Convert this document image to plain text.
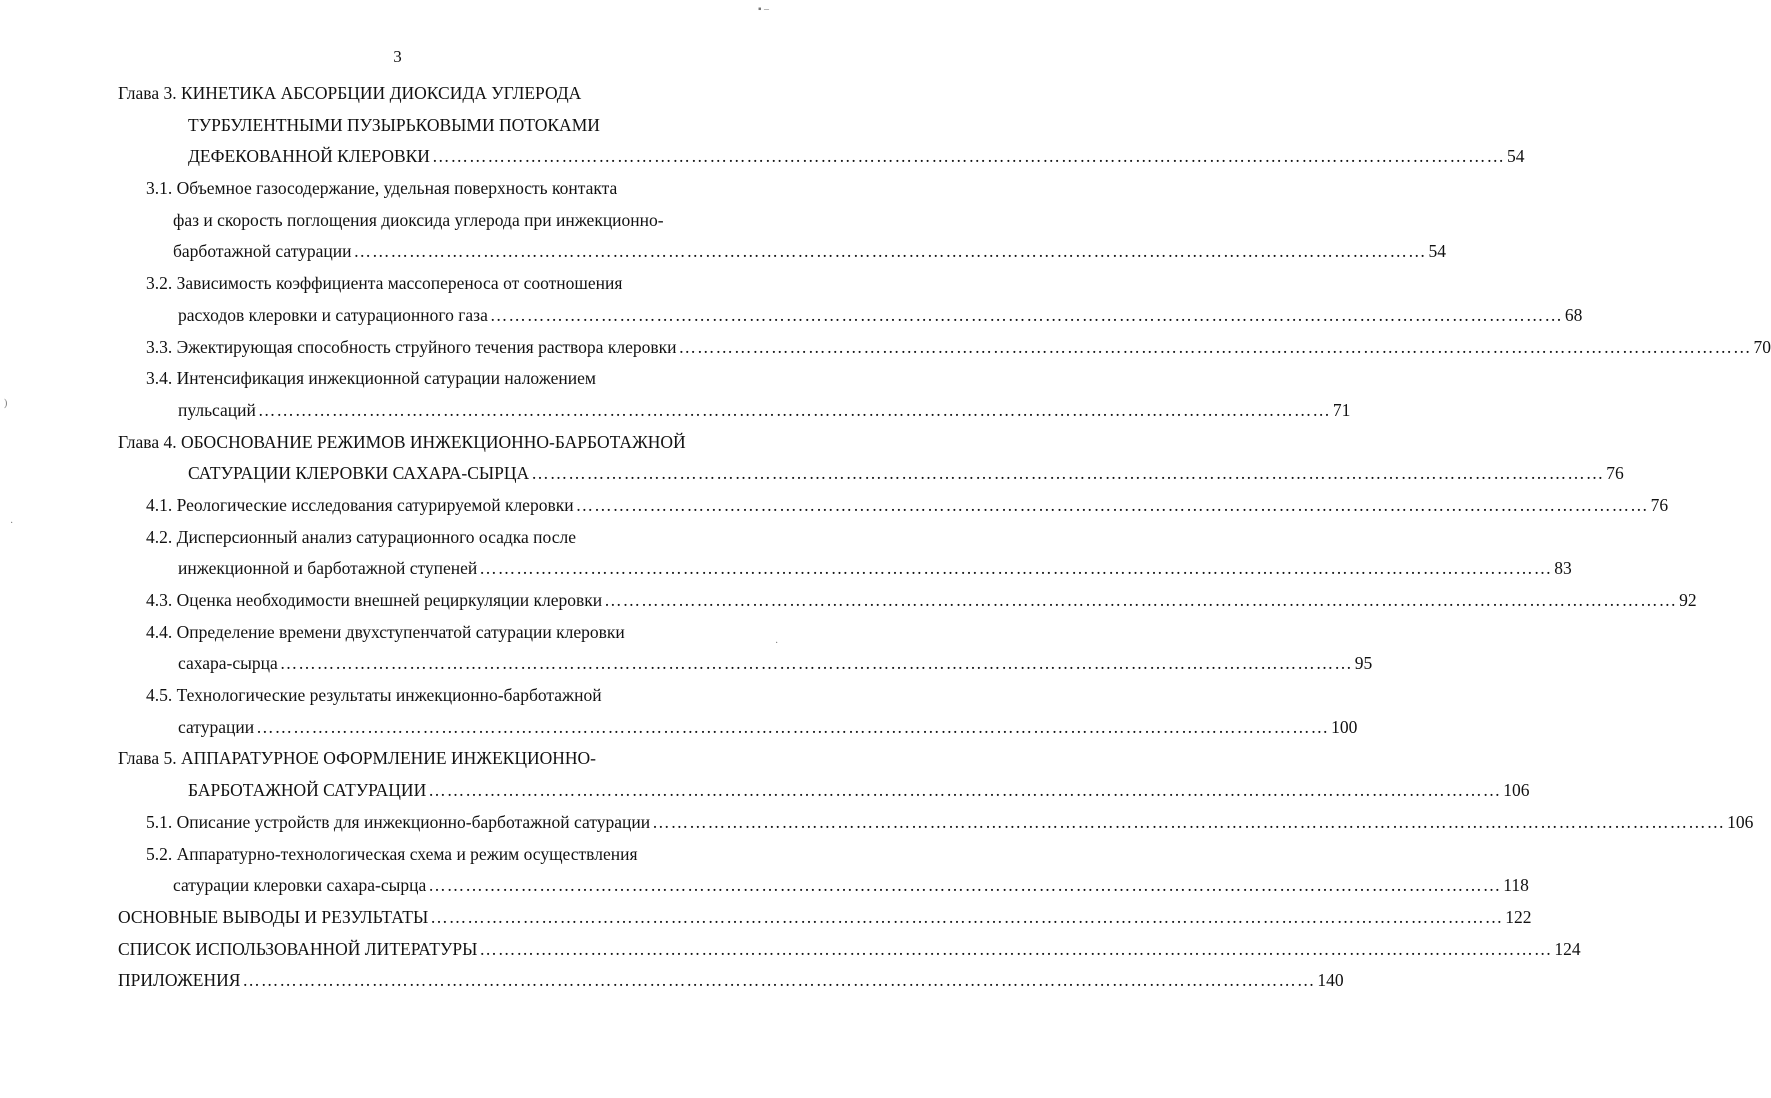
3
▪ ‒
)
·
·
Глава 3. КИНЕТИКА АБСОРБЦИИ ДИОКСИДА УГЛЕРОДА
ТУРБУЛЕНТНЫМИ ПУЗЫРЬКОВЫМИ ПОТОКАМИ
ДЕФЕКОВАННОЙ КЛЕРОВКИ ………………………………………………………………………………………………………………………………………………………… 54
3.1. Объемное газосодержание, удельная поверхность контакта
фаз и скорость поглощения диоксида углерода при инжекционно-
барботажной сатурации ………………………………………………………………………………………………………………………………………………………… 54
3.2. Зависимость коэффициента массопереноса от соотношения
расходов клеровки и сатурационного газа ………………………………………………………………………………………………………………………………………………………… 68
3.3. Эжектирующая способность струйного течения раствора клеровки ………………………………………………………………………………………………………………………………………………………… 70
3.4. Интенсификация инжекционной сатурации наложением
пульсаций ………………………………………………………………………………………………………………………………………………………… 71
Глава 4. ОБОСНОВАНИЕ РЕЖИМОВ ИНЖЕКЦИОННО-БАРБОТАЖНОЙ
САТУРАЦИИ КЛЕРОВКИ САХАРА-СЫРЦА ………………………………………………………………………………………………………………………………………………………… 76
4.1. Реологические исследования сатурируемой клеровки ………………………………………………………………………………………………………………………………………………………… 76
4.2. Дисперсионный анализ сатурационного осадка после
инжекционной и барботажной ступеней ………………………………………………………………………………………………………………………………………………………… 83
4.3. Оценка необходимости внешней рециркуляции клеровки ………………………………………………………………………………………………………………………………………………………… 92
4.4. Определение времени двухступенчатой сатурации клеровки
сахара-сырца ………………………………………………………………………………………………………………………………………………………… 95
4.5. Технологические результаты инжекционно-барботажной
сатурации ………………………………………………………………………………………………………………………………………………………… 100
Глава 5. АППАРАТУРНОЕ ОФОРМЛЕНИЕ ИНЖЕКЦИОННО-
БАРБОТАЖНОЙ САТУРАЦИИ ………………………………………………………………………………………………………………………………………………………… 106
5.1. Описание устройств для инжекционно-барботажной сатурации ………………………………………………………………………………………………………………………………………………………… 106
5.2. Аппаратурно-технологическая схема и режим осуществления
сатурации клеровки сахара-сырца ………………………………………………………………………………………………………………………………………………………… 118
ОСНОВНЫЕ ВЫВОДЫ И РЕЗУЛЬТАТЫ ………………………………………………………………………………………………………………………………………………………… 122
СПИСОК ИСПОЛЬЗОВАННОЙ ЛИТЕРАТУРЫ ………………………………………………………………………………………………………………………………………………………… 124
ПРИЛОЖЕНИЯ ………………………………………………………………………………………………………………………………………………………… 140
